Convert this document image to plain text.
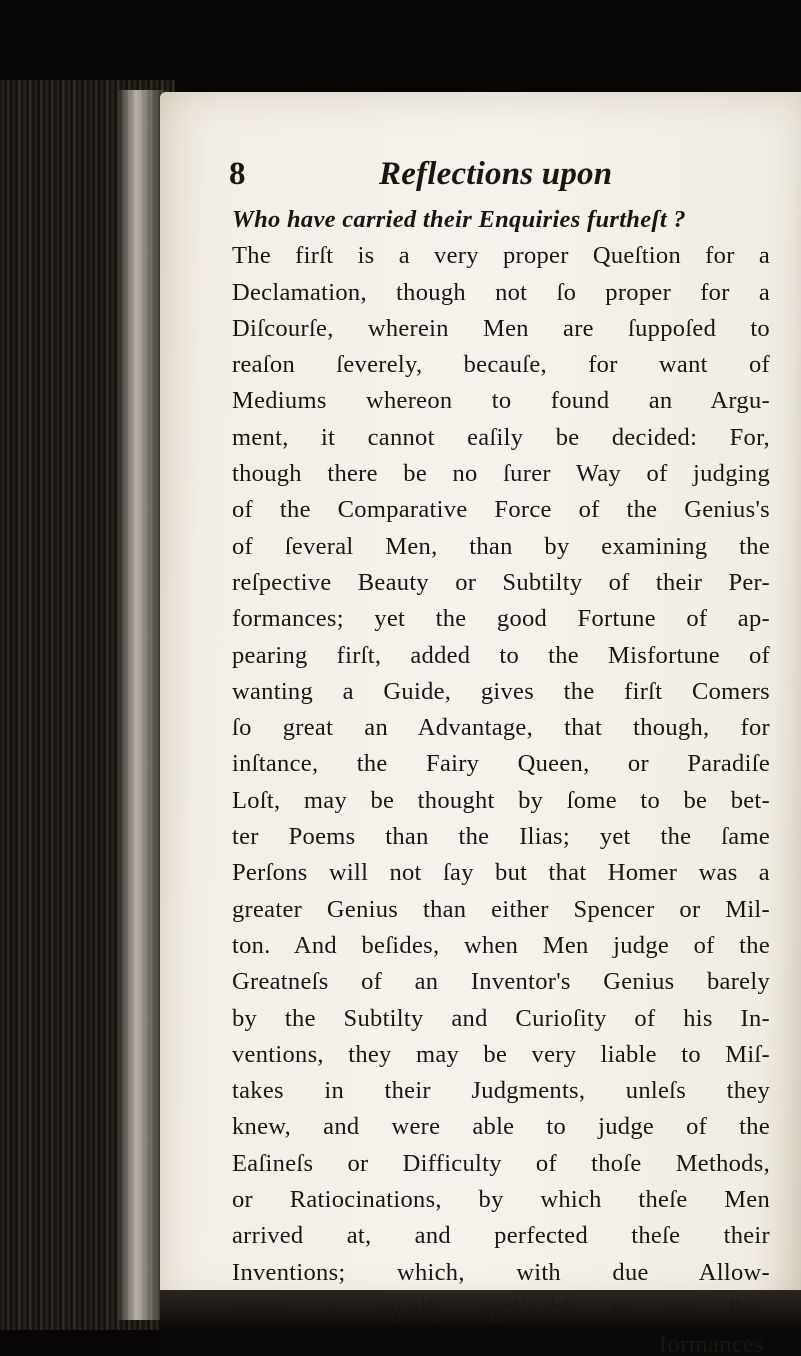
8	Reflections upon
Who have carried their Enquiries furtheſt ?
The firſt is a very proper Queſtion for a
Declamation, though not ſo proper for a
Diſcourſe, wherein Men are ſuppoſed to
reaſon ſeverely, becauſe, for want of
Mediums whereon to found an Argu-
ment, it cannot eaſily be decided: For,
though there be no ſurer Way of judging
of the Comparative Force of the Genius's
of ſeveral Men, than by examining the
reſpective Beauty or Subtilty of their Per-
formances; yet the good Fortune of ap-
pearing firſt, added to the Misfortune of
wanting a Guide, gives the firſt Comers
ſo great an Advantage, that though, for
inſtance, the Fairy Queen, or Paradiſe
Loſt, may be thought by ſome to be bet-
ter Poems than the Ilias; yet the ſame
Perſons will not ſay but that Homer was a
greater Genius than either Spencer or Mil-
ton. And beſides, when Men judge of the
Greatneſs of an Inventor's Genius barely
by the Subtilty and Curioſity of his In-
ventions, they may be very liable to Miſ-
takes in their Judgments, unleſs they
knew, and were able to judge of the
Eaſineſs or Difficulty of thoſe Methods,
or Ratiocinations, by which theſe Men
arrived at, and perfected theſe their
Inventions; which, with due Allow-
ances, is equally applicable to any Per-
formances
